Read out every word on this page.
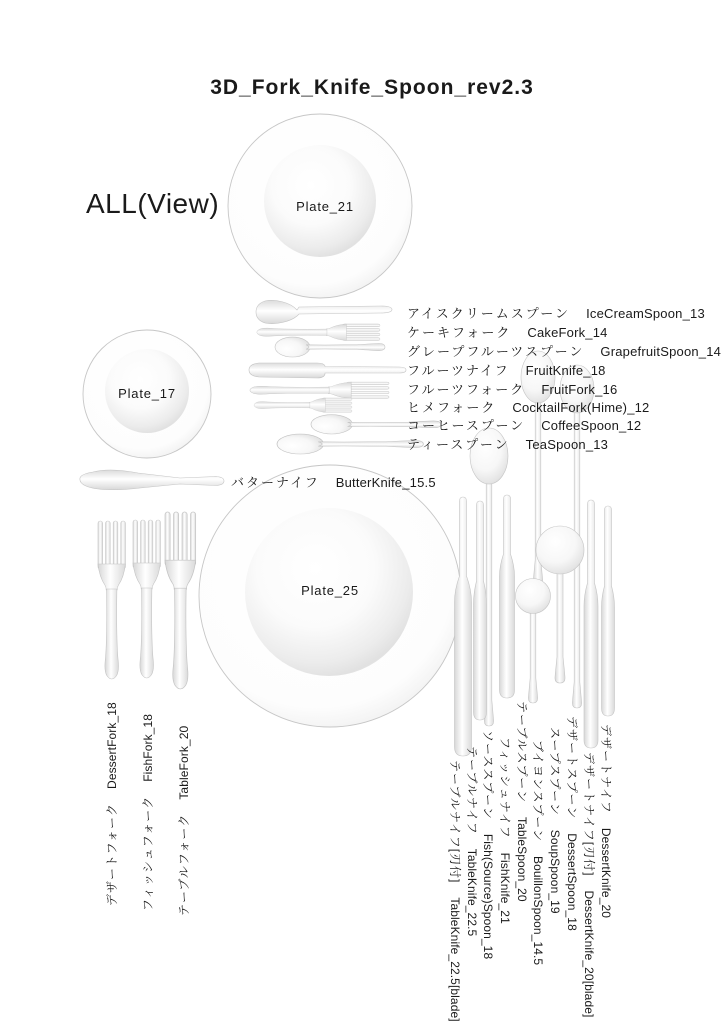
3D_Fork_Knife_Spoon_rev2.3
ALL(View)	Plate_21
Plate_17
Plate_25
アイスクリームスプーン IceCreamSpoon_13
ケーキフォーク CakeFork_14
グレープフルーツスプーン GrapefruitSpoon_14
フルーツナイフ FruitKnife_18
フルーツフォーク FruitFork_16
ヒメフォーク CocktailFork(Hime)_12
コーヒースプーン CoffeeSpoon_12
ティースプーン TeaSpoon_13
バターナイフ ButterKnife_15.5
デザートフォークDessertFork_18
フィッシュフォークFishFork_18
テーブルフォークTableFork_20	テーブルナイフ[刃付]TableKnife_22.5[blade]
テーブルナイフTableKnife_22.5
ソーススプーンFish(Source)Spoon_18
フィッシュナイフFishKnife_21
テーブルスプーンTableSpoon_20
ブイヨンスプーンBouillonSpoon_14.5
スープスプーンSoupSpoon_19
デザートスプーンDessertSpoon_18
デザートナイフ[刃付]DessertKnife_20[blade]
デザートナイフDessertKnife_20
